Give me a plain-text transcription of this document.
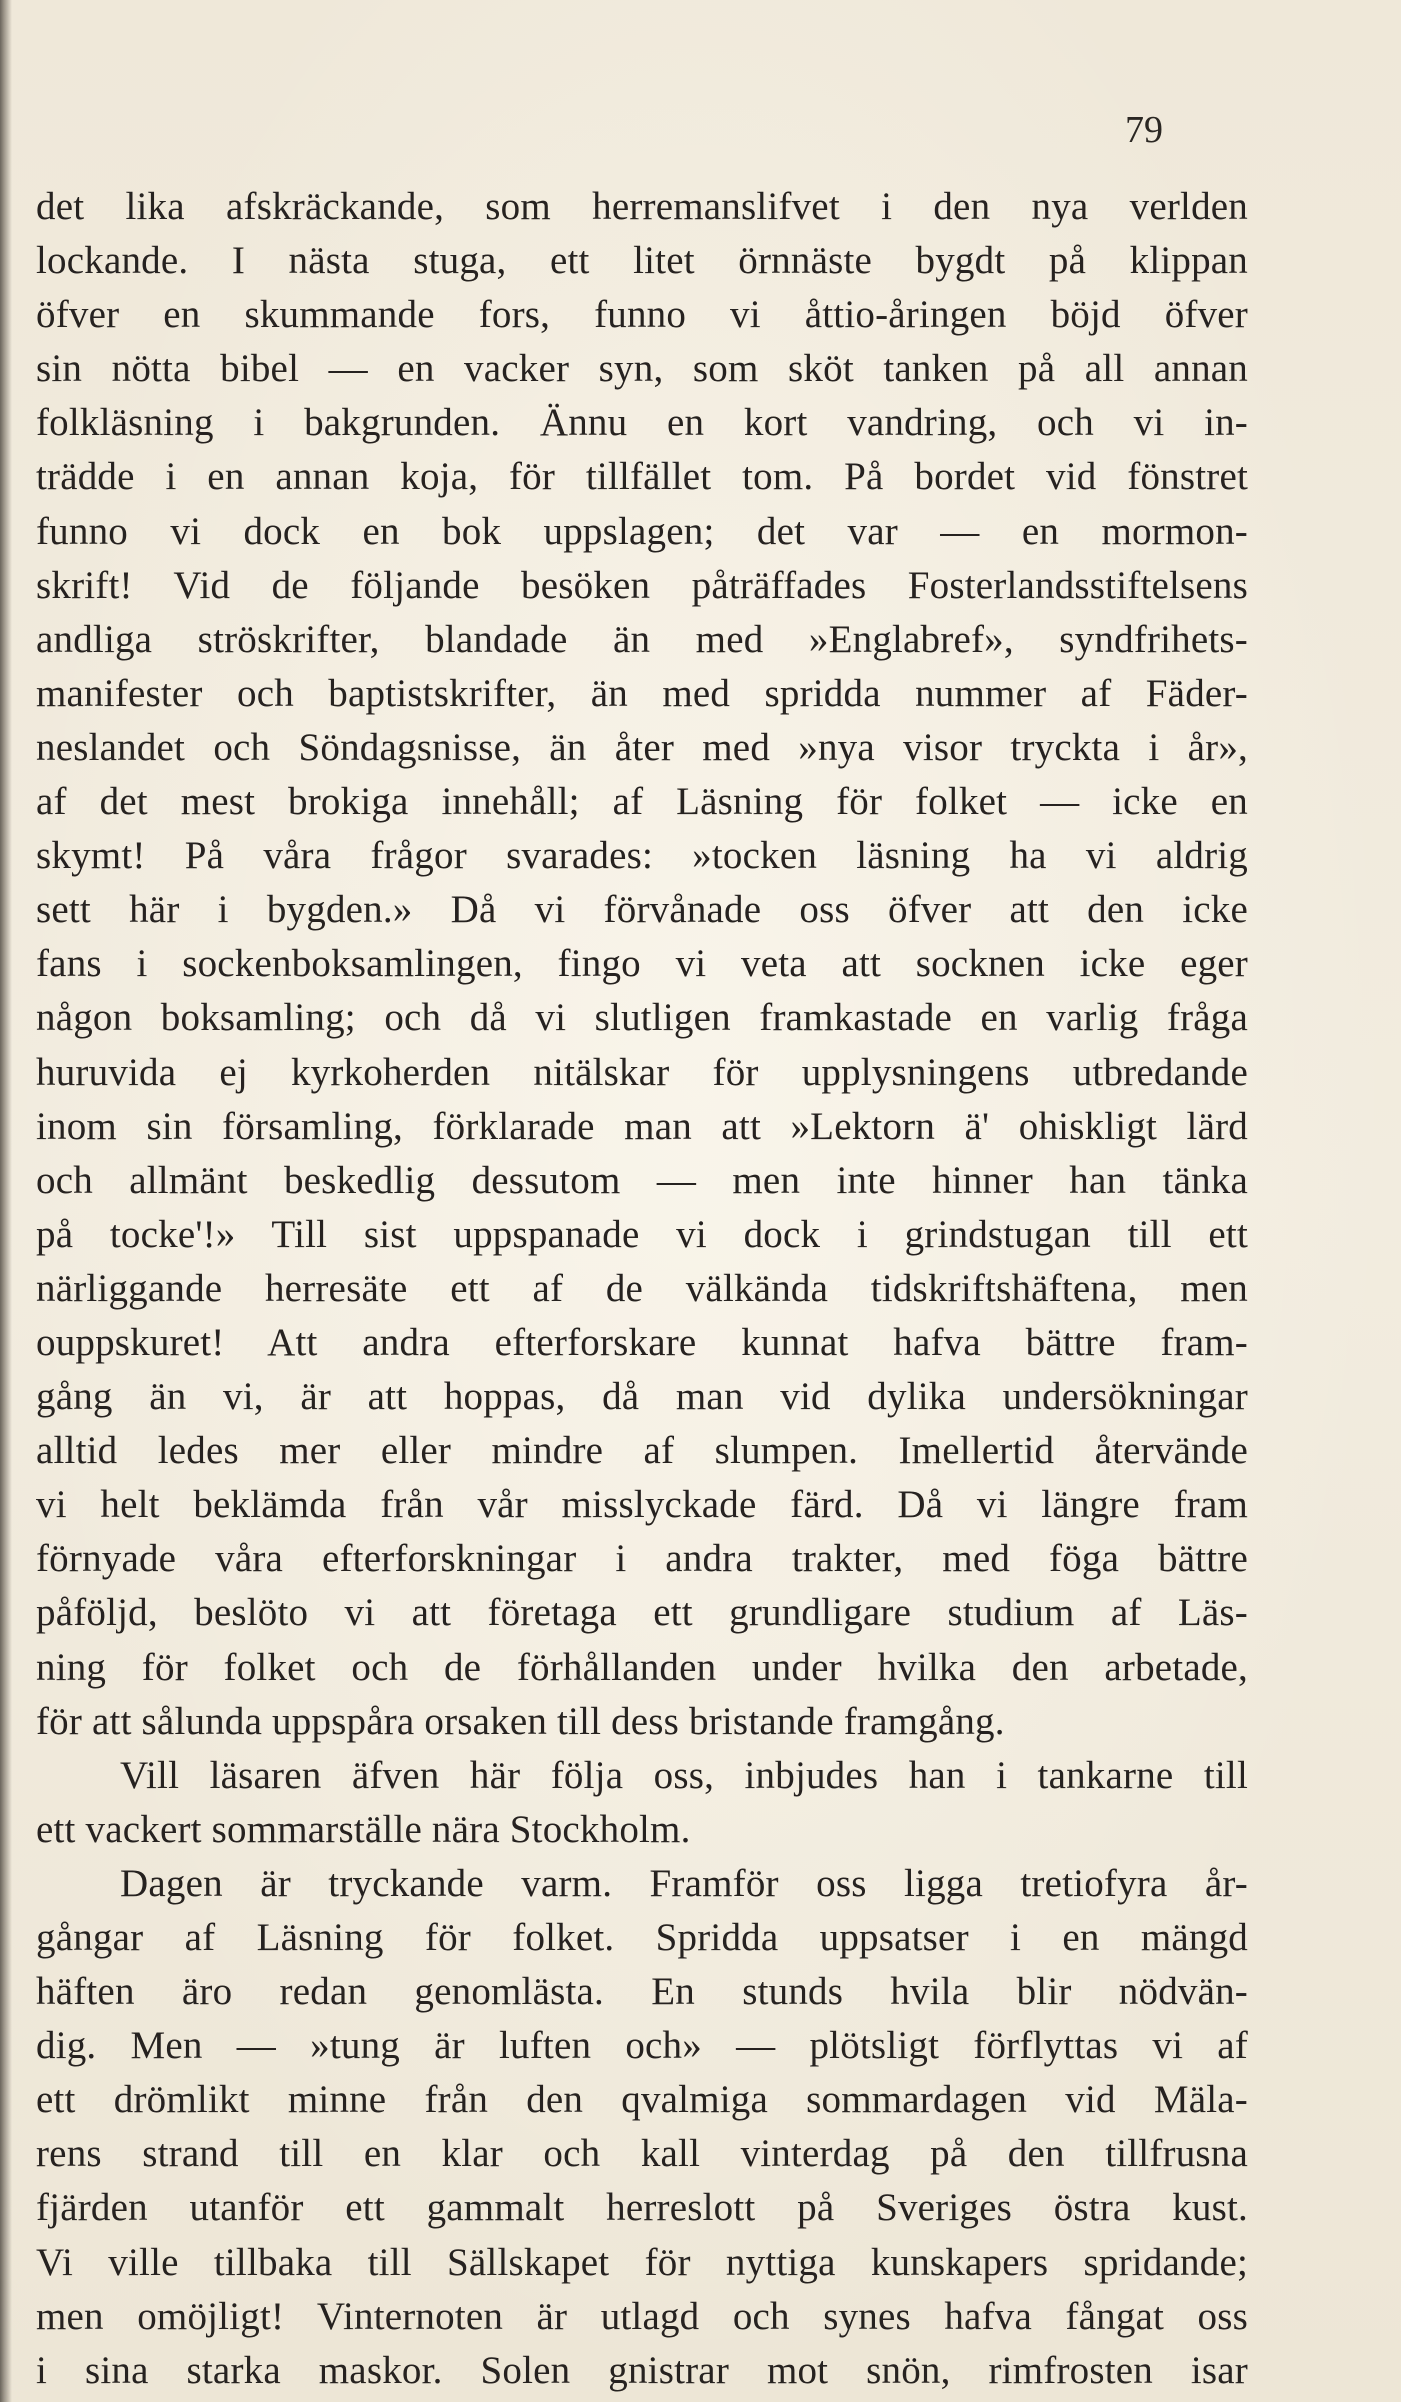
79
det lika afskräckande, som herremanslifvet i den nya verlden
lockande. I nästa stuga, ett litet örnnäste bygdt på klippan
öfver en skummande fors, funno vi åttio-åringen böjd öfver
sin nötta bibel — en vacker syn, som sköt tanken på all annan
folkläsning i bakgrunden. Ännu en kort vandring, och vi in-
trädde i en annan koja, för tillfället tom. På bordet vid fönstret
funno vi dock en bok uppslagen; det var — en mormon-
skrift! Vid de följande besöken påträffades Fosterlandsstiftelsens
andliga ströskrifter, blandade än med »Englabref», syndfrihets-
manifester och baptistskrifter, än med spridda nummer af Fäder-
neslandet och Söndagsnisse, än åter med »nya visor tryckta i år»,
af det mest brokiga innehåll; af Läsning för folket — icke en
skymt! På våra frågor svarades: »tocken läsning ha vi aldrig
sett här i bygden.» Då vi förvånade oss öfver att den icke
fans i sockenboksamlingen, fingo vi veta att socknen icke eger
någon boksamling; och då vi slutligen framkastade en varlig fråga
huruvida ej kyrkoherden nitälskar för upplysningens utbredande
inom sin församling, förklarade man att »Lektorn ä' ohiskligt lärd
och allmänt beskedlig dessutom — men inte hinner han tänka
på tocke'!» Till sist uppspanade vi dock i grindstugan till ett
närliggande herresäte ett af de välkända tidskriftshäftena, men
ouppskuret! Att andra efterforskare kunnat hafva bättre fram-
gång än vi, är att hoppas, då man vid dylika undersökningar
alltid ledes mer eller mindre af slumpen. Imellertid återvände
vi helt beklämda från vår misslyckade färd. Då vi längre fram
förnyade våra efterforskningar i andra trakter, med föga bättre
påföljd, beslöto vi att företaga ett grundligare studium af Läs-
ning för folket och de förhållanden under hvilka den arbetade,
för att sålunda uppspåra orsaken till dess bristande framgång.
Vill läsaren äfven här följa oss, inbjudes han i tankarne till
ett vackert sommarställe nära Stockholm.
Dagen är tryckande varm. Framför oss ligga tretiofyra år-
gångar af Läsning för folket. Spridda uppsatser i en mängd
häften äro redan genomlästa. En stunds hvila blir nödvän-
dig. Men — »tung är luften och» — plötsligt förflyttas vi af
ett drömlikt minne från den qvalmiga sommardagen vid Mäla-
rens strand till en klar och kall vinterdag på den tillfrusna
fjärden utanför ett gammalt herreslott på Sveriges östra kust.
Vi ville tillbaka till Sällskapet för nyttiga kunskapers spridande;
men omöjligt! Vinternoten är utlagd och synes hafva fångat oss
i sina starka maskor. Solen gnistrar mot snön, rimfrosten isar
